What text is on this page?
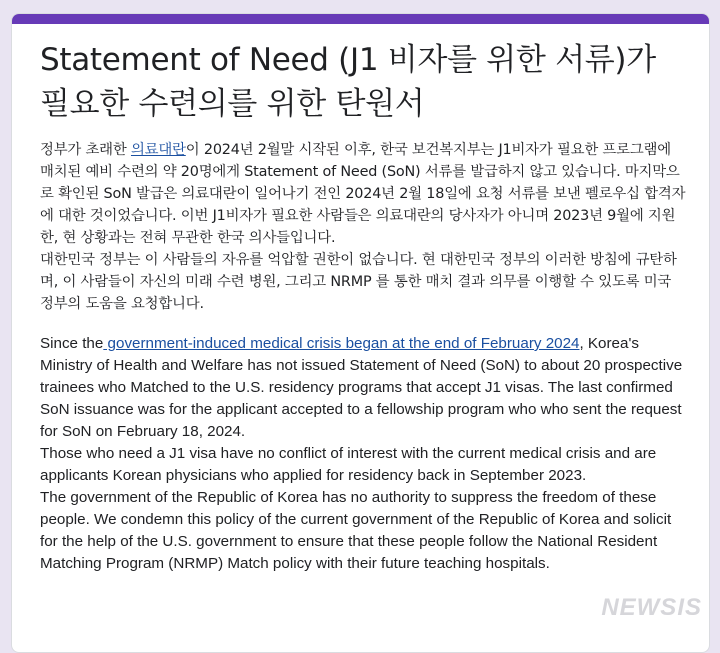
Statement of Need (J1 비자를 위한 서류)가 필요한 수련의를 위한 탄원서

정부가 초래한 의료대란이 2024년 2월말 시작된 이후, 한국 보건복지부는 J1비자가 필요한 프로그램에 매치된 예비 수련의 약 20명에게 Statement of Need (SoN) 서류를 발급하지 않고 있습니다. 마지막으로 확인된 SoN 발급은 의료대란이 일어나기 전인 2024년 2월 18일에 요청 서류를 보낸 펠로우십 합격자에 대한 것이었습니다. 이번 J1비자가 필요한 사람들은 의료대란의 당사자가 아니며 2023년 9월에 지원한, 현 상황과는 전혀 무관한 한국 의사들입니다.

대한민국 정부는 이 사람들의 자유를 억압할 권한이 없습니다. 현 대한민국 정부의 이러한 방침에 규탄하며, 이 사람들이 자신의 미래 수련 병원, 그리고 NRMP 를 통한 매치 결과 의무를 이행할 수 있도록 미국 정부의 도움을 요청합니다.

Since the government-induced medical crisis began at the end of February 2024, Korea's Ministry of Health and Welfare has not issued Statement of Need (SoN) to about 20 prospective trainees who Matched to the U.S. residency programs that accept J1 visas. The last confirmed SoN issuance was for the applicant accepted to a fellowship program who who sent the request for SoN on February 18, 2024.

Those who need a J1 visa have no conflict of interest with the current medical crisis and are applicants Korean physicians who applied for residency back in September 2023.

The government of the Republic of Korea has no authority to suppress the freedom of these people. We condemn this policy of the current government of the Republic of Korea and solicit for the help of the U.S. government to ensure that these people follow the National Resident Matching Program (NRMP) Match policy with their future teaching hospitals.

NEWSIS
